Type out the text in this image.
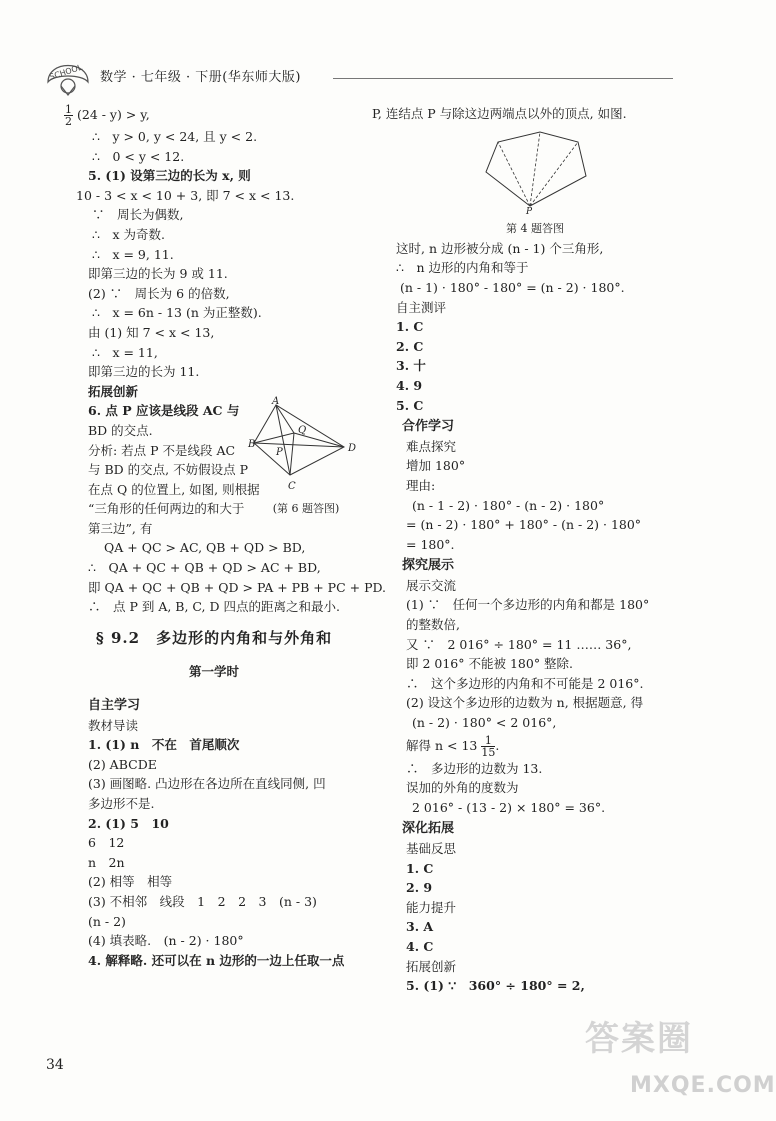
SCHOOL 数学 · 七年级 · 下册(华东师大版)
$\frac{1}{2} (24 - y) > y$,
∴　y > 0, y < 24, 且 y < 2.
∴　0 < y < 12.
5. (1) 设第三边的长为 x, 则
10 - 3 < x < 10 + 3, 即 7 < x < 13.
∵　周长为偶数,
∴　x 为奇数.
∴　x = 9, 11.
即第三边的长为 9 或 11.
(2) ∵　周长为 6 的倍数,
∴　x = 6n - 13 (n 为正整数).
由 (1) 知 7 < x < 13,
∴　x = 11,
即第三边的长为 11.
拓展创新
6. 点 P 应该是线段 AC 与
BD 的交点.
分析: 若点 P 不是线段 AC
与 BD 的交点, 不妨假设点 P
在点 Q 的位置上, 如图, 则根据
“三角形的任何两边的和大于
第三边”, 有
A
B
C
D
P
Q
(第 6 题答图)
QA + QC > AC, QB + QD > BD,
∴　QA + QC + QB + QD > AC + BD,
即 QA + QC + QB + QD > PA + PB + PC + PD.
∴　点 P 到 A, B, C, D 四点的距离之和最小.
§ 9.2　多边形的内角和与外角和
第一学时
自主学习
教材导读
1. (1) n　不在　首尾顺次
(2) ABCDE
(3) 画图略. 凸边形在各边所在直线同侧, 凹
多边形不是.
2. (1) 5　10
6　12
n　2n
(2) 相等　相等
(3) 不相邻　线段　1　2　2　3　(n - 3)
(n - 2)
(4) 填表略.　(n - 2) · 180°
4. 解释略. 还可以在 n 边形的一边上任取一点
P, 连结点 P 与除这边两端点以外的顶点, 如图.
P
第 4 题答图
这时, n 边形被分成 (n - 1) 个三角形,
∴　n 边形的内角和等于
(n - 1) · 180° - 180° = (n - 2) · 180°.
自主测评
1. C
2. C
3. 十
4. 9
5. C
合作学习
难点探究
增加 180°
理由:
(n - 1 - 2) · 180° - (n - 2) · 180°
= (n - 2) · 180° + 180° - (n - 2) · 180°
= 180°.
探究展示
展示交流
(1) ∵　任何一个多边形的内角和都是 180°
的整数倍,
又 ∵　2 016° ÷ 180° = 11 …… 36°,
即 2 016° 不能被 180° 整除.
∴　这个多边形的内角和不可能是 2 016°.
(2) 设这个多边形的边数为 n, 根据题意, 得
(n - 2) · 180° < 2 016°,
解得 $n < 13 \frac{1}{15}$ .
∴　多边形的边数为 13.
误加的外角的度数为
2 016° - (13 - 2) × 180° = 36°.
深化拓展
基础反思
1. C
2. 9
能力提升
3. A
4. C
拓展创新
5. (1) ∵　360° ÷ 180° = 2,
34
答案圈
MXQE.COM
